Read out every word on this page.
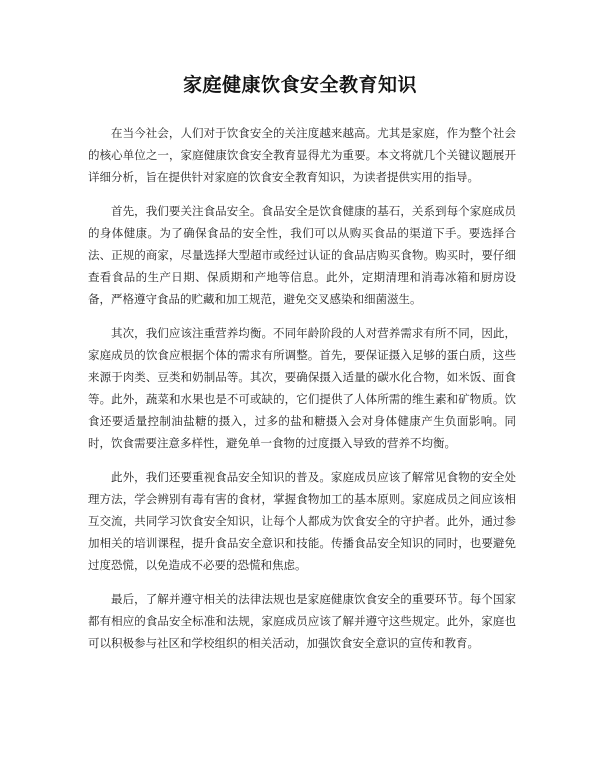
家庭健康饮食安全教育知识

在当今社会，人们对于饮食安全的关注度越来越高。尤其是家庭，作为整个社会的核心单位之一，家庭健康饮食安全教育显得尤为重要。本文将就几个关键议题展开详细分析，旨在提供针对家庭的饮食安全教育知识，为读者提供实用的指导。

首先，我们要关注食品安全。食品安全是饮食健康的基石，关系到每个家庭成员的身体健康。为了确保食品的安全性，我们可以从购买食品的渠道下手。要选择合法、正规的商家，尽量选择大型超市或经过认证的食品店购买食物。购买时，要仔细查看食品的生产日期、保质期和产地等信息。此外，定期清理和消毒冰箱和厨房设备，严格遵守食品的贮藏和加工规范，避免交叉感染和细菌滋生。

其次，我们应该注重营养均衡。不同年龄阶段的人对营养需求有所不同，因此，家庭成员的饮食应根据个体的需求有所调整。首先，要保证摄入足够的蛋白质，这些来源于肉类、豆类和奶制品等。其次，要确保摄入适量的碳水化合物，如米饭、面食等。此外，蔬菜和水果也是不可或缺的，它们提供了人体所需的维生素和矿物质。饮食还要适量控制油盐糖的摄入，过多的盐和糖摄入会对身体健康产生负面影响。同时，饮食需要注意多样性，避免单一食物的过度摄入导致的营养不均衡。

此外，我们还要重视食品安全知识的普及。家庭成员应该了解常见食物的安全处理方法，学会辨别有毒有害的食材，掌握食物加工的基本原则。家庭成员之间应该相互交流，共同学习饮食安全知识，让每个人都成为饮食安全的守护者。此外，通过参加相关的培训课程，提升食品安全意识和技能。传播食品安全知识的同时，也要避免过度恐慌，以免造成不必要的恐慌和焦虑。

最后，了解并遵守相关的法律法规也是家庭健康饮食安全的重要环节。每个国家都有相应的食品安全标准和法规，家庭成员应该了解并遵守这些规定。此外，家庭也可以积极参与社区和学校组织的相关活动，加强饮食安全意识的宣传和教育。
